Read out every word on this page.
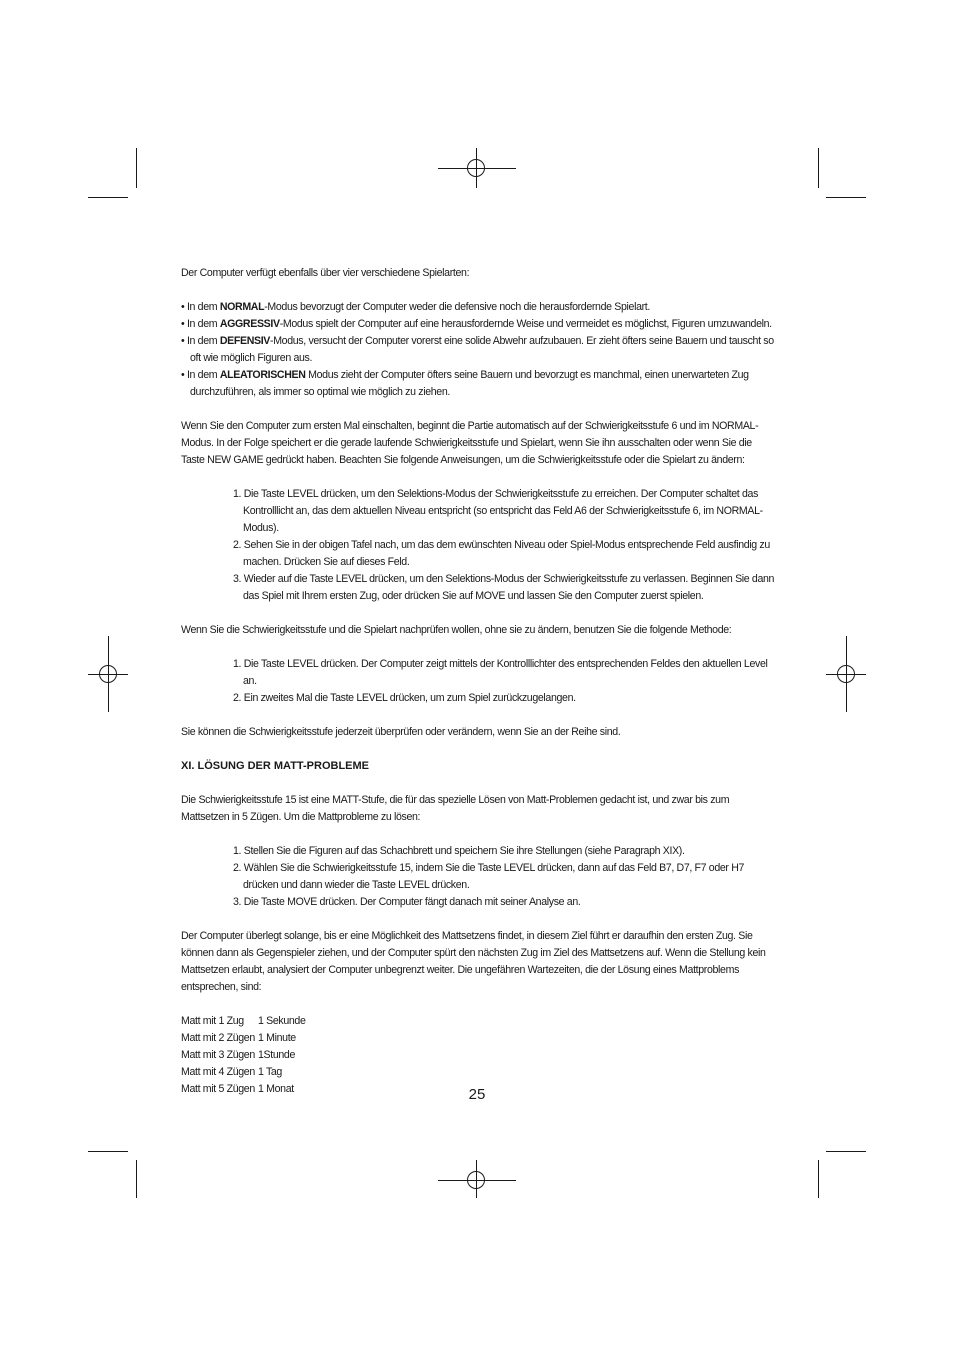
Der Computer verfügt ebenfalls über vier verschiedene Spielarten:

• In dem NORMAL-Modus bevorzugt der Computer weder die defensive noch die herausfordernde Spielart.

• In dem AGGRESSIV-Modus spielt der Computer auf eine herausfordernde Weise und vermeidet es möglichst, Figuren umzuwandeln.

• In dem DEFENSIV-Modus, versucht der Computer vorerst eine solide Abwehr aufzubauen. Er zieht öfters seine Bauern und tauscht so oft wie möglich Figuren aus.

• In dem ALEATORISCHEN Modus zieht der Computer öfters seine Bauern und bevorzugt es manchmal, einen unerwarteten Zug durchzuführen, als immer so optimal wie möglich zu ziehen.

Wenn Sie den Computer zum ersten Mal einschalten, beginnt die Partie automatisch auf der Schwierigkeitsstufe 6 und im NORMAL-Modus. In der Folge speichert er die gerade laufende Schwierigkeitsstufe und Spielart, wenn Sie ihn ausschalten oder wenn Sie die Taste NEW GAME gedrückt haben. Beachten Sie folgende Anweisungen, um die Schwierigkeitsstufe oder die Spielart zu ändern:

1. Die Taste LEVEL drücken, um den Selektions-Modus der Schwierigkeitsstufe zu erreichen. Der Computer schaltet das Kontrolllicht an, das dem aktuellen Niveau entspricht (so entspricht das Feld A6 der Schwierigkeitsstufe 6, im NORMAL-Modus).
2. Sehen Sie in der obigen Tafel nach, um das dem ewünschten Niveau oder Spiel-Modus entsprechende Feld ausfindig zu machen. Drücken Sie auf dieses Feld.
3. Wieder auf die Taste LEVEL drücken, um den Selektions-Modus der Schwierigkeitsstufe zu verlassen. Beginnen Sie dann das Spiel mit Ihrem ersten Zug, oder drücken Sie auf MOVE und lassen Sie den Computer zuerst spielen.

Wenn Sie die Schwierigkeitsstufe und die Spielart nachprüfen wollen, ohne sie zu ändern, benutzen Sie die folgende Methode:

1. Die Taste LEVEL drücken. Der Computer zeigt mittels der Kontrolllichter des entsprechenden Feldes den aktuellen Level an.
2. Ein zweites Mal die Taste LEVEL drücken, um zum Spiel zurückzugelangen.

Sie können die Schwierigkeitsstufe jederzeit überprüfen oder verändern, wenn Sie an der Reihe sind.

XI. LÖSUNG DER MATT-PROBLEME

Die Schwierigkeitsstufe 15 ist eine MATT-Stufe, die für das spezielle Lösen von Matt-Problemen gedacht ist, und zwar bis zum Mattsetzen in 5 Zügen. Um die Mattprobleme zu lösen:

1. Stellen Sie die Figuren auf das Schachbrett und speichern Sie ihre Stellungen (siehe Paragraph XIX).
2. Wählen Sie die Schwierigkeitsstufe 15, indem Sie die Taste LEVEL drücken, dann auf das Feld B7, D7, F7 oder H7 drücken und dann wieder die Taste LEVEL drücken.
3. Die Taste MOVE drücken. Der Computer fängt danach mit seiner Analyse an.

Der Computer überlegt solange, bis er eine Möglichkeit des Mattsetzens findet, in diesem Ziel führt er daraufhin den ersten Zug. Sie können dann als Gegenspieler ziehen, und der Computer spürt den nächsten Zug im Ziel des Mattsetzens auf. Wenn die Stellung kein Mattsetzen erlaubt, analysiert der Computer unbegrenzt weiter. Die ungefähren Wartezeiten, die der Lösung eines Mattproblems entsprechen, sind:

Matt mit 1 Zug	1 Sekunde
Matt mit 2 Zügen 1 Minute
Matt mit 3 Zügen 1Stunde
Matt mit 4 Zügen 1 Tag
Matt mit 5 Zügen 1 Monat	25
